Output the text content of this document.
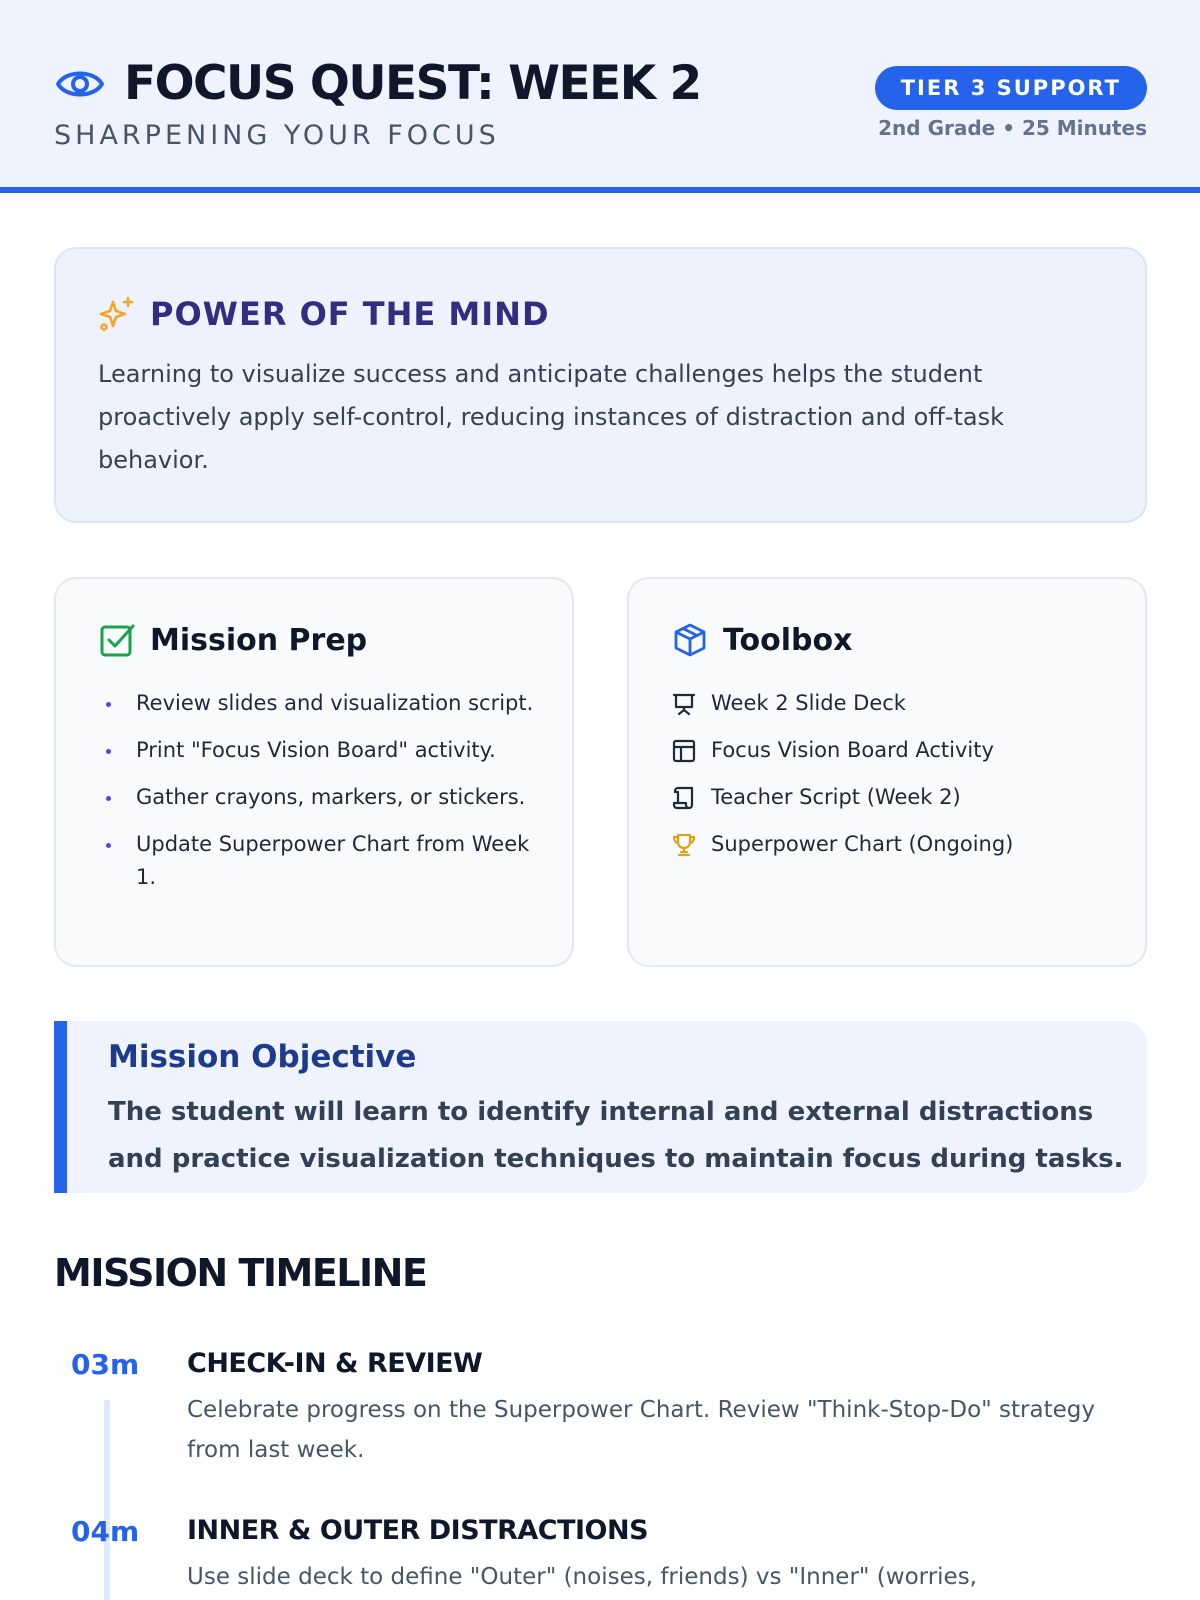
FOCUS QUEST: WEEK 2
SHARPENING YOUR FOCUS
TIER 3 SUPPORT
2nd Grade • 25 Minutes
POWER OF THE MIND

Learning to visualize success and anticipate challenges helps the student proactively apply self-control, reducing instances of distraction and off-task behavior.

Mission Prep
Review slides and visualization script.
Print "Focus Vision Board" activity.
Gather crayons, markers, or stickers.
Update Superpower Chart from Week 1.
Toolbox
Week 2 Slide Deck
Focus Vision Board Activity
Teacher Script (Week 2)
Superpower Chart (Ongoing)
Mission Objective

The student will learn to identify internal and external distractions and practice visualization techniques to maintain focus during tasks.

MISSION TIMELINE
03m CHECK-IN & REVIEW

Celebrate progress on the Superpower Chart. Review "Think-Stop-Do" strategy from last week.

04m INNER & OUTER DISTRACTIONS

Use slide deck to define "Outer" (noises, friends) vs "Inner" (worries,
